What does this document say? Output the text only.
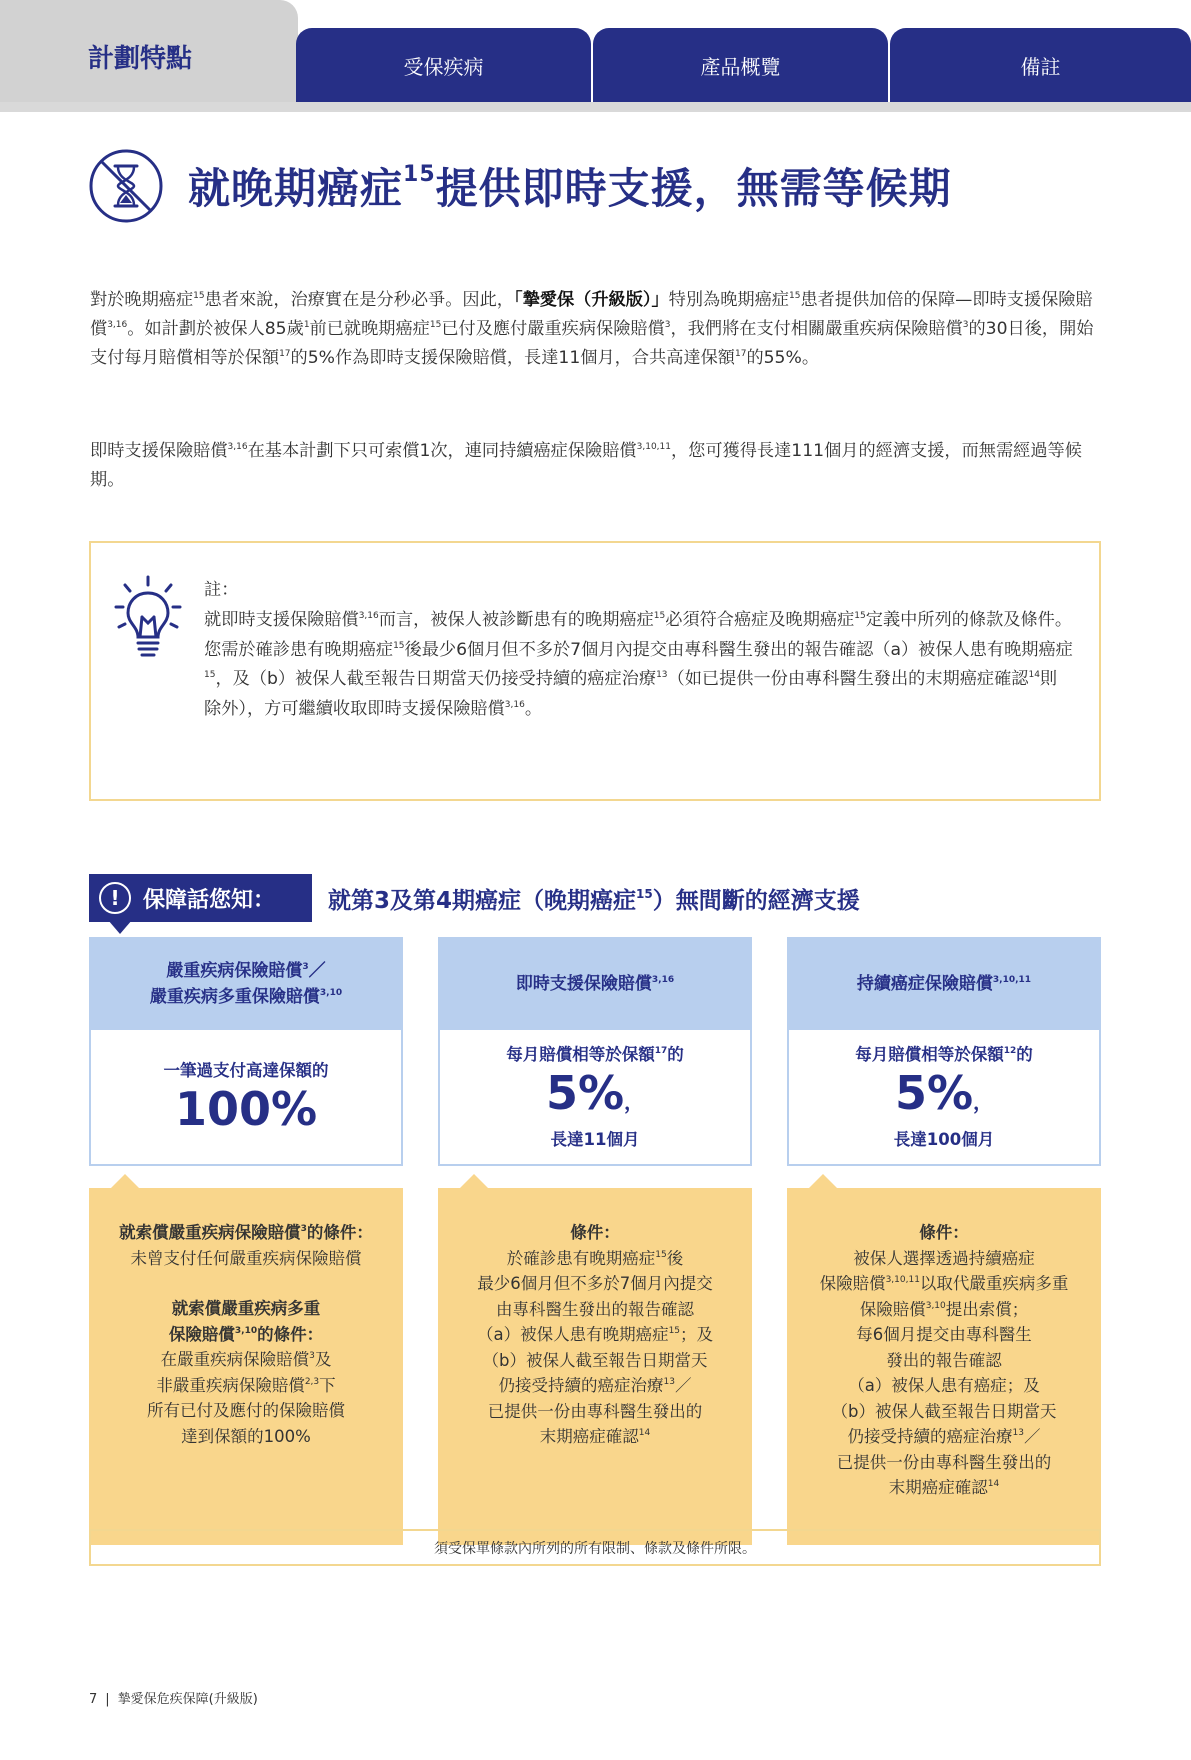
計劃特點	受保疾病	產品概覽	備註
就晚期癌症$^{15}$提供即時支援，無需等候期
對於晚期癌症$^{15}$患者來說，治療實在是分秒必爭。因此，「摯愛保（升級版）」特別為晚期癌症$^{15}$患者提供加倍的保障—即時支援保險賠償$^{3,16}$。如計劃於被保人85歲$^1$前已就晚期癌症$^{15}$已付及應付嚴重疾病保險賠償$^3$，我們將在支付相關嚴重疾病保險賠償$^3$的30日後，開始支付每月賠償相等於保額$^{17}$的5%作為即時支援保險賠償，長達11個月，合共高達保額$^{17}$的55%。
即時支援保險賠償$^{3,16}$在基本計劃下只可索償1次，連同持續癌症保險賠償$^{3,10,11}$，您可獲得長達111個月的經濟支援，而無需經過等候期。
註：
就即時支援保險賠償$^{3,16}$而言，被保人被診斷患有的晚期癌症$^{15}$必須符合癌症及晚期癌症$^{15}$定義中所列的條款及條件。您需於確診患有晚期癌症$^{15}$後最少6個月但不多於7個月內提交由專科醫生發出的報告確認（a）被保人患有晚期癌症$^{15}$，及（b）被保人截至報告日期當天仍接受持續的癌症治療$^{13}$（如已提供一份由專科醫生發出的末期癌症確認$^{14}$則除外），方可繼續收取即時支援保險賠償$^{3,16}$。
!	保障話您知： 就第3及第4期癌症（晚期癌症$^{15}$）無間斷的經濟支援
嚴重疾病保險賠償$^3$／
嚴重疾病多重保險賠償$^{3,10}$
一筆過支付高達保額的
100%
就索償嚴重疾病保險賠償$^3$的條件：
未曾支付任何嚴重疾病保險賠償
就索償嚴重疾病多重
保險賠償$^{3,10}$的條件：
在嚴重疾病保險賠償$^3$及
非嚴重疾病保險賠償$^{2,3}$下
所有已付及應付的保險賠償
達到保額的100%
即時支援保險賠償$^{3,16}$
每月賠償相等於保額$^{17}$的
5%，
長達11個月
條件：
於確診患有晚期癌症$^{15}$後
最少6個月但不多於7個月內提交
由專科醫生發出的報告確認
（a）被保人患有晚期癌症$^{15}$；及
（b）被保人截至報告日期當天
仍接受持續的癌症治療$^{13}$／
已提供一份由專科醫生發出的
末期癌症確認$^{14}$
持續癌症保險賠償$^{3,10,11}$
每月賠償相等於保額$^{12}$的
5%，
長達100個月
條件：
被保人選擇透過持續癌症
保險賠償$^{3,10,11}$以取代嚴重疾病多重
保險賠償$^{3,10}$提出索償；
每6個月提交由專科醫生
發出的報告確認
（a）被保人患有癌症；及
（b）被保人截至報告日期當天
仍接受持續的癌症治療$^{13}$／
已提供一份由專科醫生發出的
末期癌症確認$^{14}$
須受保單條款內所列的所有限制、條款及條件所限。
7 | 摯愛保危疾保障(升級版)
